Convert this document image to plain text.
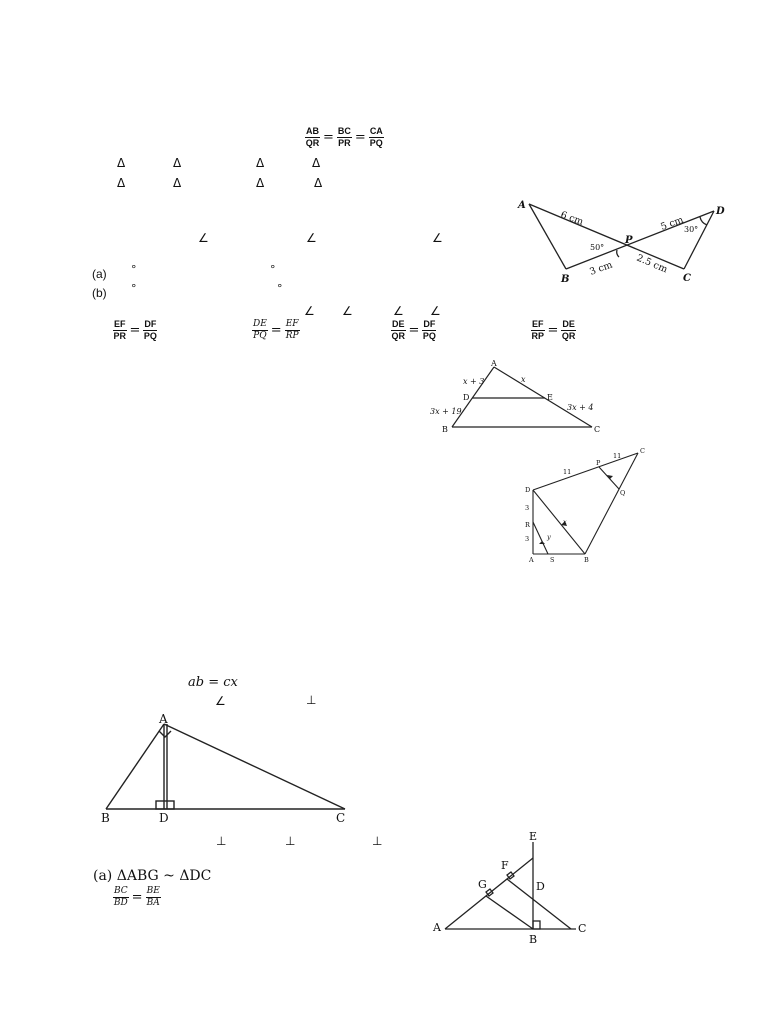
$\frac{AB}{QR} = \frac{BC}{PR} = \frac{CA}{PQ}$
Δ	Δ	Δ	Δ
Δ	Δ	Δ	Δ
∠	∠	∠
(a) °	°
(b) °	°
∠ ∠	∠ ∠
$\frac{EF}{PR} = \frac{DF}{PQ}$	$\frac{DE}{PQ} = \frac{EF}{RP}$	$\frac{DE}{QR} = \frac{DF}{PQ}$	$\frac{EF}{RP} = \frac{DE}{QR}$
A
B
P
C
D
6 cm	5 cm
3 cm 2.5 cm
50°
30°
A
B	C
D	E
x + 3	x
3x + 19	3x + 4
C
P
Q
D
R
A	S	B
11
11
3
3
x
y
ab = cx
∠	⊥
A
B	D	C
⊥	⊥	⊥
(a) ΔABG ~ ΔDC
$\frac{BC}{BD} = \frac{BE}{BA}$
E
F
G	D
A
B
C
